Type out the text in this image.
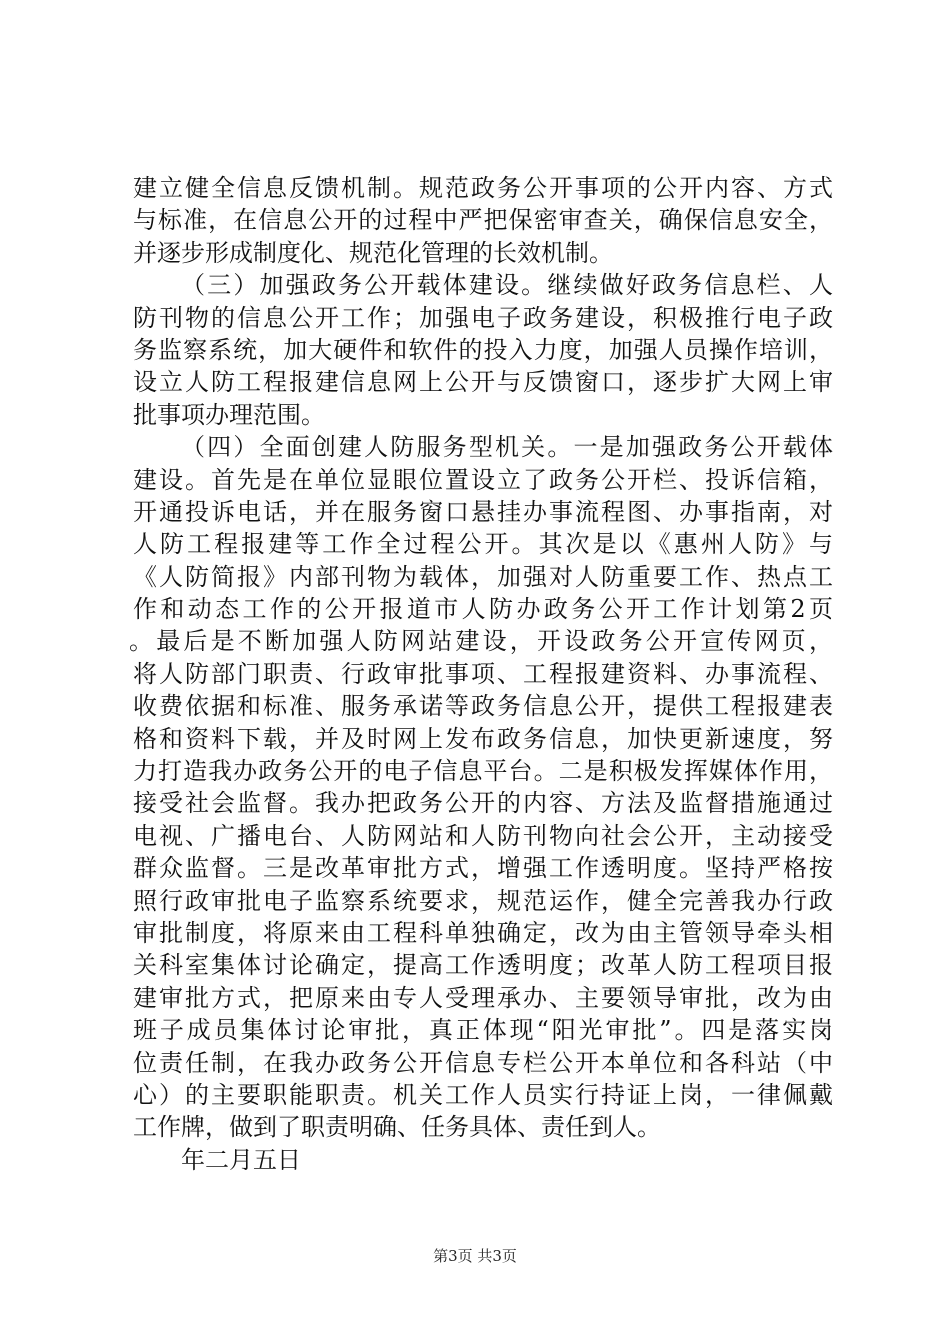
建立健全信息反馈机制。规范政务公开事项的公开内容、方式
与标准，在信息公开的过程中严把保密审查关，确保信息安全，
并逐步形成制度化、规范化管理的长效机制。
（三）加强政务公开载体建设。继续做好政务信息栏、人
防刊物的信息公开工作；加强电子政务建设，积极推行电子政
务监察系统，加大硬件和软件的投入力度，加强人员操作培训，
设立人防工程报建信息网上公开与反馈窗口，逐步扩大网上审
批事项办理范围。
（四）全面创建人防服务型机关。一是加强政务公开载体
建设。首先是在单位显眼位置设立了政务公开栏、投诉信箱，
开通投诉电话，并在服务窗口悬挂办事流程图、办事指南，对
人防工程报建等工作全过程公开。其次是以《惠州人防》与
《人防简报》内部刊物为载体，加强对人防重要工作、热点工
作和动态工作的公开报道市人防办政务公开工作计划第2页
。最后是不断加强人防网站建设，开设政务公开宣传网页，
将人防部门职责、行政审批事项、工程报建资料、办事流程、
收费依据和标准、服务承诺等政务信息公开，提供工程报建表
格和资料下载，并及时网上发布政务信息，加快更新速度，努
力打造我办政务公开的电子信息平台。二是积极发挥媒体作用，
接受社会监督。我办把政务公开的内容、方法及监督措施通过
电视、广播电台、人防网站和人防刊物向社会公开，主动接受
群众监督。三是改革审批方式，增强工作透明度。坚持严格按
照行政审批电子监察系统要求，规范运作，健全完善我办行政
审批制度，将原来由工程科单独确定，改为由主管领导牵头相
关科室集体讨论确定，提高工作透明度；改革人防工程项目报
建审批方式，把原来由专人受理承办、主要领导审批，改为由
班子成员集体讨论审批，真正体现“阳光审批”。四是落实岗
位责任制，在我办政务公开信息专栏公开本单位和各科站（中
心）的主要职能职责。机关工作人员实行持证上岗，一律佩戴
工作牌，做到了职责明确、任务具体、责任到人。
年二月五日
第3页 共3页
